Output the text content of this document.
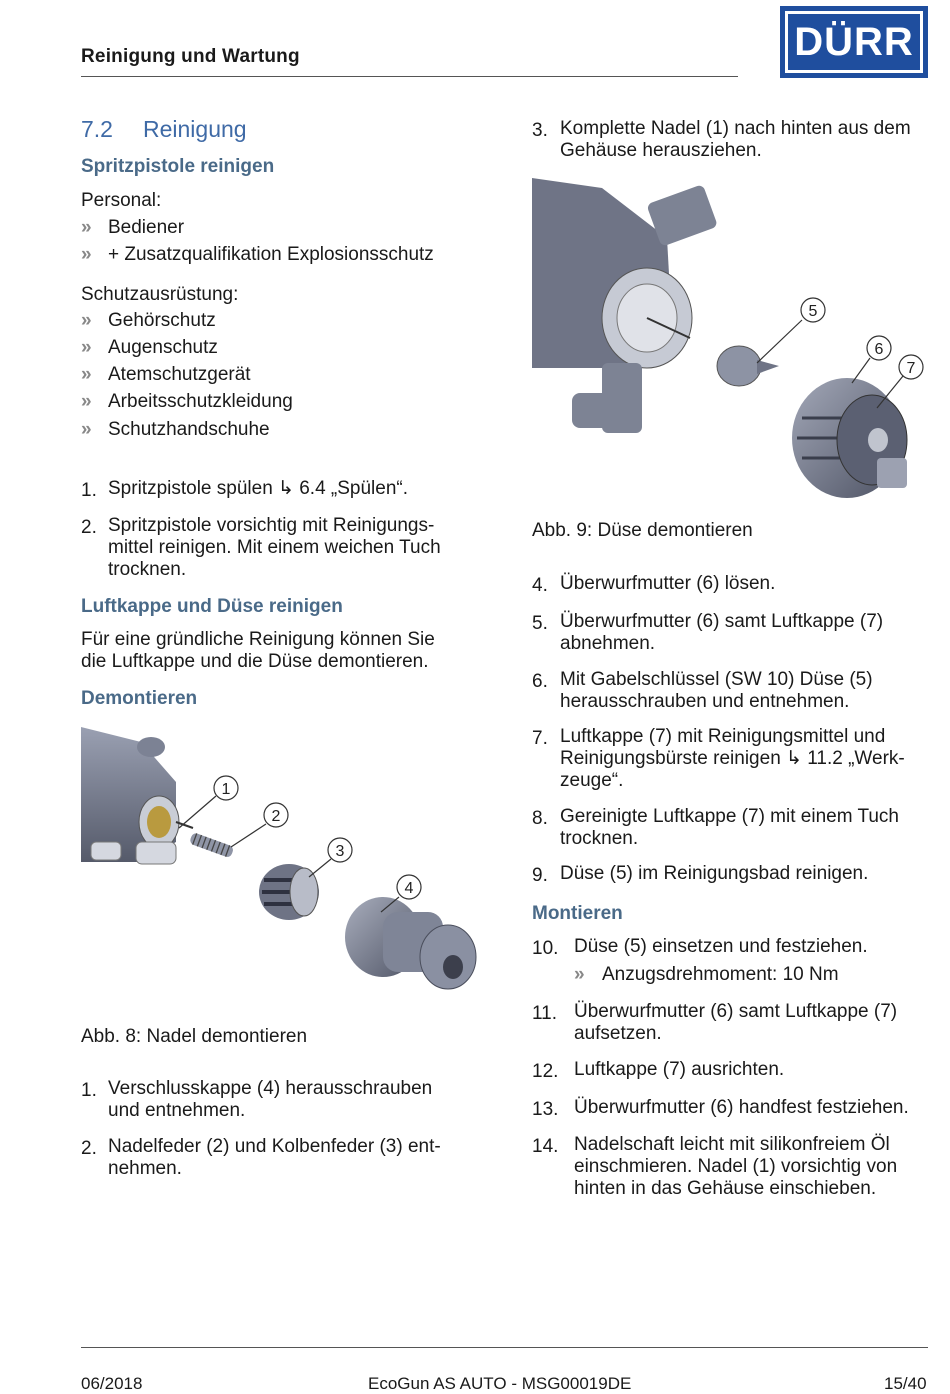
Reinigung und Wartung	DÜRR
7.2 Reinigung
Spritzpistole reinigen
Personal:
» Bediener
» + Zusatzqualifikation Explosionsschutz
Schutzausrüstung:
» Gehörschutz
» Augenschutz
» Atemschutzgerät
» Arbeitsschutzkleidung
» Schutzhandschuhe
1. Spritzpistole spülen ↳ 6.4 „Spülen“.
2. Spritzpistole vorsichtig mit Reinigungs-
mittel reinigen. Mit einem weichen Tuch
trocknen.
Luftkappe und Düse reinigen
Für eine gründliche Reinigung können Sie
die Luftkappe und die Düse demontieren.
Demontieren
1
2
3
4
Abb. 8: Nadel demontieren
1. Verschlusskappe (4) herausschrauben
und entnehmen.
2. Nadelfeder (2) und Kolbenfeder (3) ent-
nehmen.
3. Komplette Nadel (1) nach hinten aus dem
Gehäuse herausziehen.
5
6
7
Abb. 9: Düse demontieren
4. Überwurfmutter (6) lösen.
5. Überwurfmutter (6) samt Luftkappe (7)
abnehmen.
6. Mit Gabelschlüssel (SW 10) Düse (5)
herausschrauben und entnehmen.
7. Luftkappe (7) mit Reinigungsmittel und
Reinigungsbürste reinigen ↳ 11.2 „Werk-
zeuge“.
8. Gereinigte Luftkappe (7) mit einem Tuch
trocknen.
9. Düse (5) im Reinigungsbad reinigen.
Montieren
10. Düse (5) einsetzen und festziehen.
» Anzugsdrehmoment: 10 Nm
11. Überwurfmutter (6) samt Luftkappe (7)
aufsetzen.
12. Luftkappe (7) ausrichten.
13. Überwurfmutter (6) handfest festziehen.
14. Nadelschaft leicht mit silikonfreiem Öl
einschmieren. Nadel (1) vorsichtig von
hinten in das Gehäuse einschieben.
06/2018	EcoGun AS AUTO - MSG00019DE	15/40
